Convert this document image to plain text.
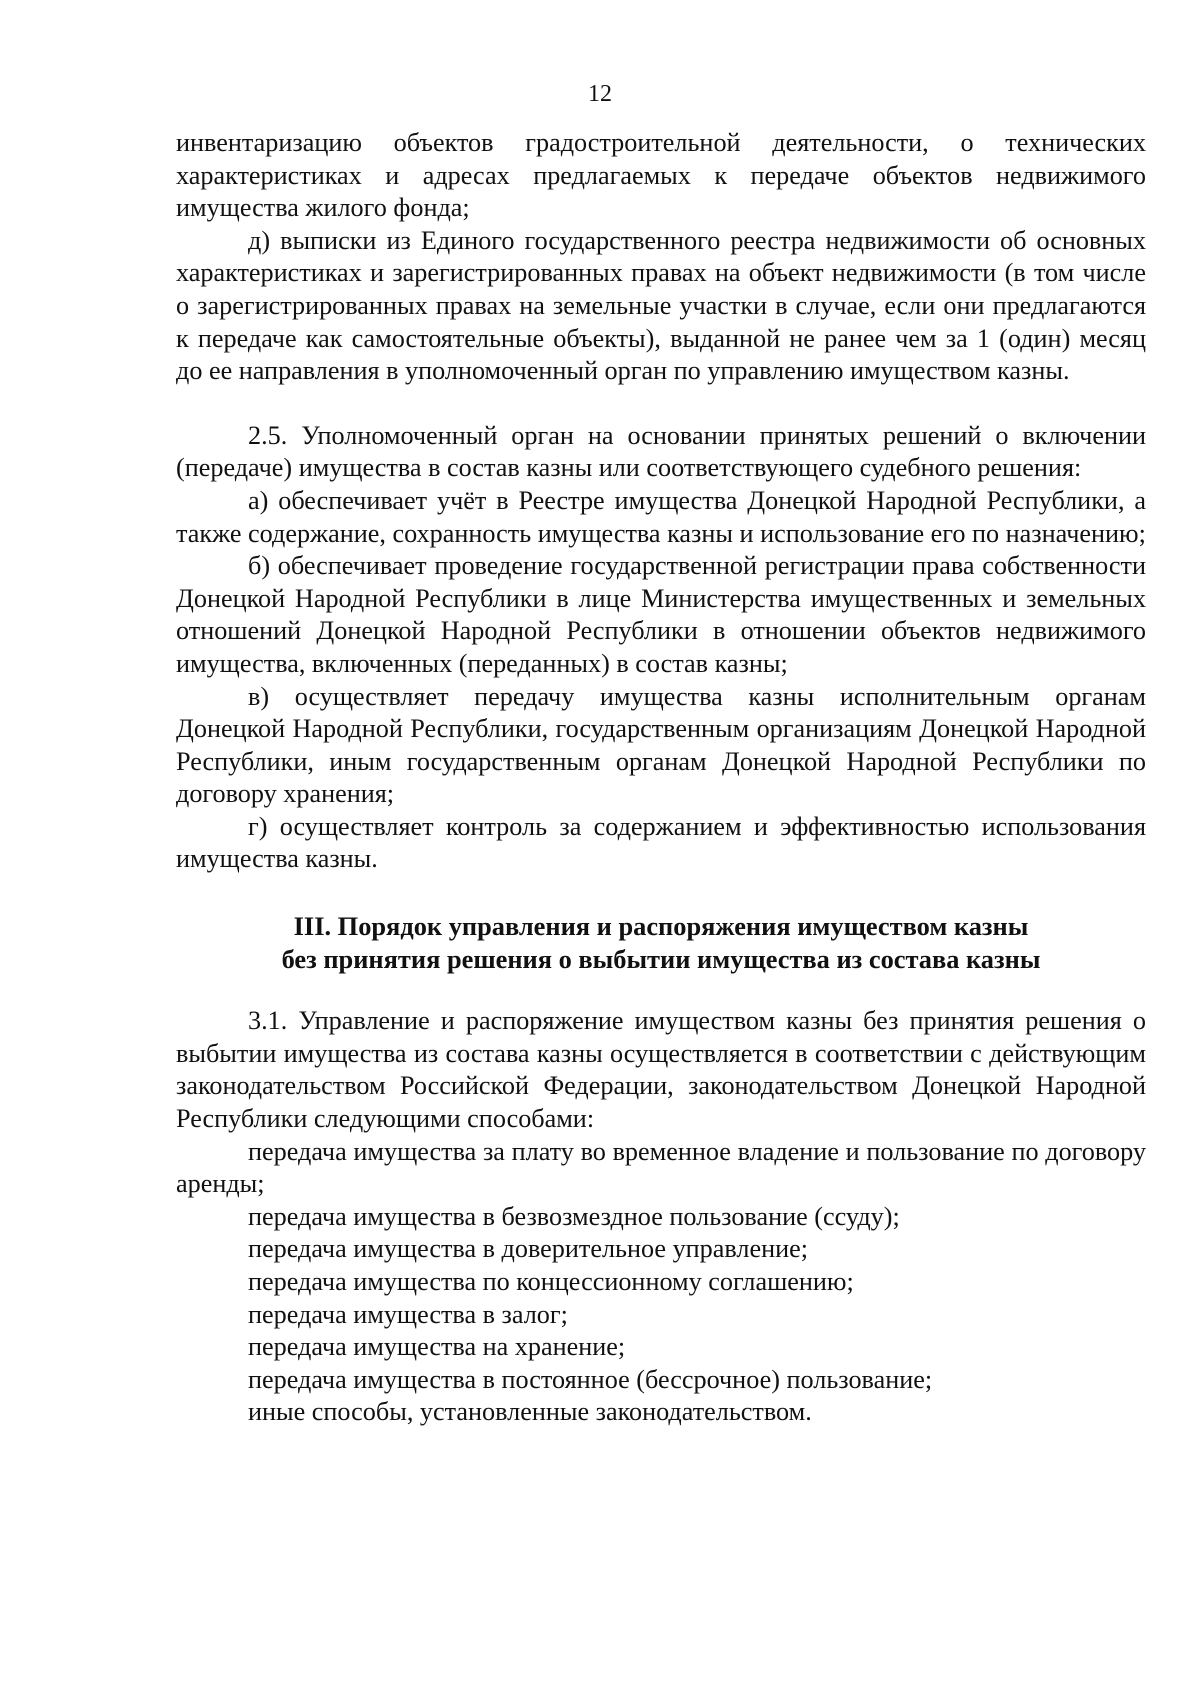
12

инвентаризацию объектов градостроительной деятельности, о технических характеристиках и адресах предлагаемых к передаче объектов недвижимого имущества жилого фонда;

д) выписки из Единого государственного реестра недвижимости об основных характеристиках и зарегистрированных правах на объект недвижимости (в том числе о зарегистрированных правах на земельные участки в случае, если они предлагаются к передаче как самостоятельные объекты), выданной не ранее чем за 1 (один) месяц до ее направления в уполномоченный орган по управлению имуществом казны.

2.5. Уполномоченный орган на основании принятых решений о включении (передаче) имущества в состав казны или соответствующего судебного решения:

а) обеспечивает учёт в Реестре имущества Донецкой Народной Республики, а также содержание, сохранность имущества казны и использование его по назначению;

б) обеспечивает проведение государственной регистрации права собственности Донецкой Народной Республики в лице Министерства имущественных и земельных отношений Донецкой Народной Республики в отношении объектов недвижимого имущества, включенных (переданных) в состав казны;

в) осуществляет передачу имущества казны исполнительным органам Донецкой Народной Республики, государственным организациям Донецкой Народной Республики, иным государственным органам Донецкой Народной Республики по договору хранения;

г) осуществляет контроль за содержанием и эффективностью использования имущества казны.

III. Порядок управления и распоряжения имуществом казны

без принятия решения о выбытии имущества из состава казны

3.1. Управление и распоряжение имуществом казны без принятия решения о выбытии имущества из состава казны осуществляется в соответствии с действующим законодательством Российской Федерации, законодательством Донецкой Народной Республики следующими способами:

передача имущества за плату во временное владение и пользование по договору аренды;

передача имущества в безвозмездное пользование (ссуду);

передача имущества в доверительное управление;

передача имущества по концессионному соглашению;

передача имущества в залог;

передача имущества на хранение;

передача имущества в постоянное (бессрочное) пользование;

иные способы, установленные законодательством.
